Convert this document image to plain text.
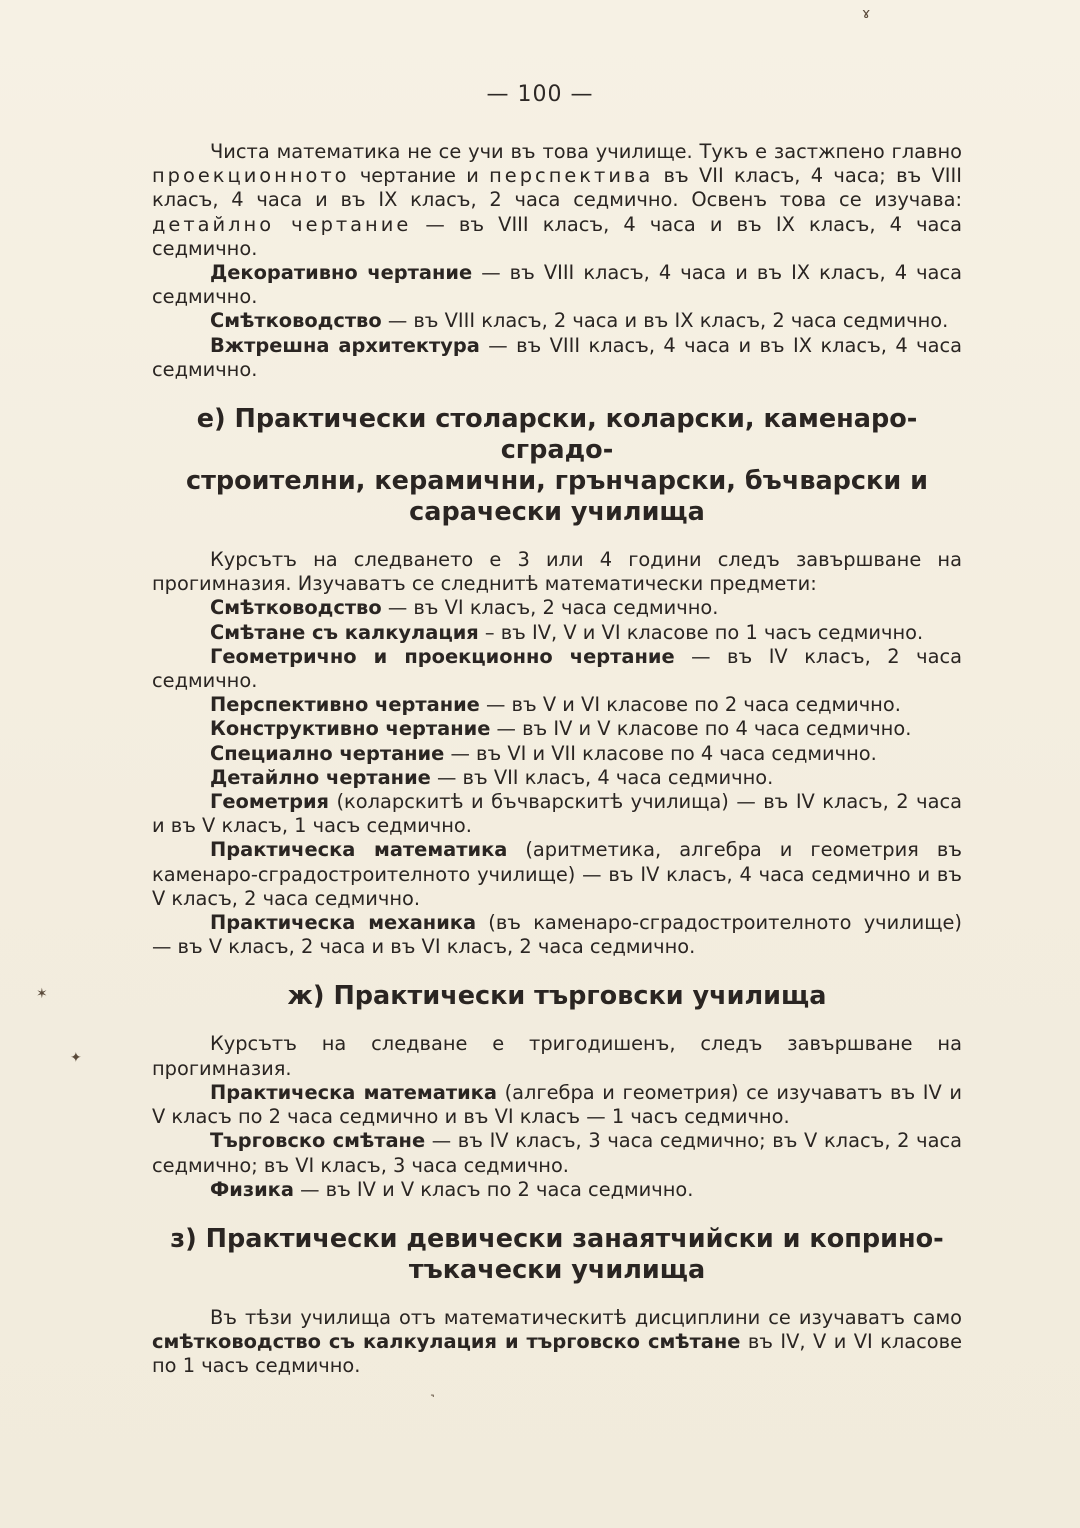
— 100 —

Чиста математика не се учи въ това училище. Тукъ е застжпено главно проекционното чертание и перспектива въ VII класъ, 4 часа; въ VIII класъ, 4 часа и въ IX класъ, 2 часа седмично. Освенъ това се изучава: детайлно чертание — въ VIII класъ, 4 часа и въ IX класъ, 4 часа седмично.

Декоративно чертание — въ VIII класъ, 4 часа и въ IX класъ, 4 часа седмично.

Смѣтководство — въ VIII класъ, 2 часа и въ IX класъ, 2 часа седмично.

Вжтрешна архитектура — въ VIII класъ, 4 часа и въ IX класъ, 4 часа седмично.

е) Практически столарски, коларски, каменаро-сградо-
строителни, керамични, грънчарски, бъчварски и
сарачески училища

Курсътъ на следването е 3 или 4 години следъ завършване на прогимназия. Изучаватъ се следнитѣ математически предмети:

Смѣтководство — въ VI класъ, 2 часа седмично.

Смѣтане съ калкулация – въ IV, V и VI класове по 1 часъ седмично.

Геометрично и проекционно чертание — въ IV класъ, 2 часа седмично.

Перспективно чертание — въ V и VI класове по 2 часа седмично.

Конструктивно чертание — въ IV и V класове по 4 часа седмично.

Специално чертание — въ VI и VII класове по 4 часа седмично.

Детайлно чертание — въ VII класъ, 4 часа седмично.

Геометрия (коларскитѣ и бъчварскитѣ училища) — въ IV класъ, 2 часа и въ V класъ, 1 часъ седмично.

Практическа математика (аритметика, алгебра и геометрия въ каменаро-сградостроителното училище) — въ IV класъ, 4 часа седмично и въ V класъ, 2 часа седмично.

Практическа механика (въ каменаро-сградостроителното училище) — въ V класъ, 2 часа и въ VI класъ, 2 часа седмично.

ж) Практически търговски училища

Курсътъ на следване е тригодишенъ, следъ завършване на прогимназия.

Практическа математика (алгебра и геометрия) се изучаватъ въ IV и V класъ по 2 часа седмично и въ VI класъ — 1 часъ седмично.

Търговско смѣтане — въ IV класъ, 3 часа седмично; въ V класъ, 2 часа седмично; въ VI класъ, 3 часа седмично.

Физика — въ IV и V класъ по 2 часа седмично.

з) Практически девически занаятчийски и коприно-
тъкачески училища

Въ тѣзи училища отъ математическитѣ дисциплини се изучаватъ само смѣтководство съ калкулация и търговско смѣтане въ IV, V и VI класове по 1 часъ седмично.

ɤ
✶
✦
˺
